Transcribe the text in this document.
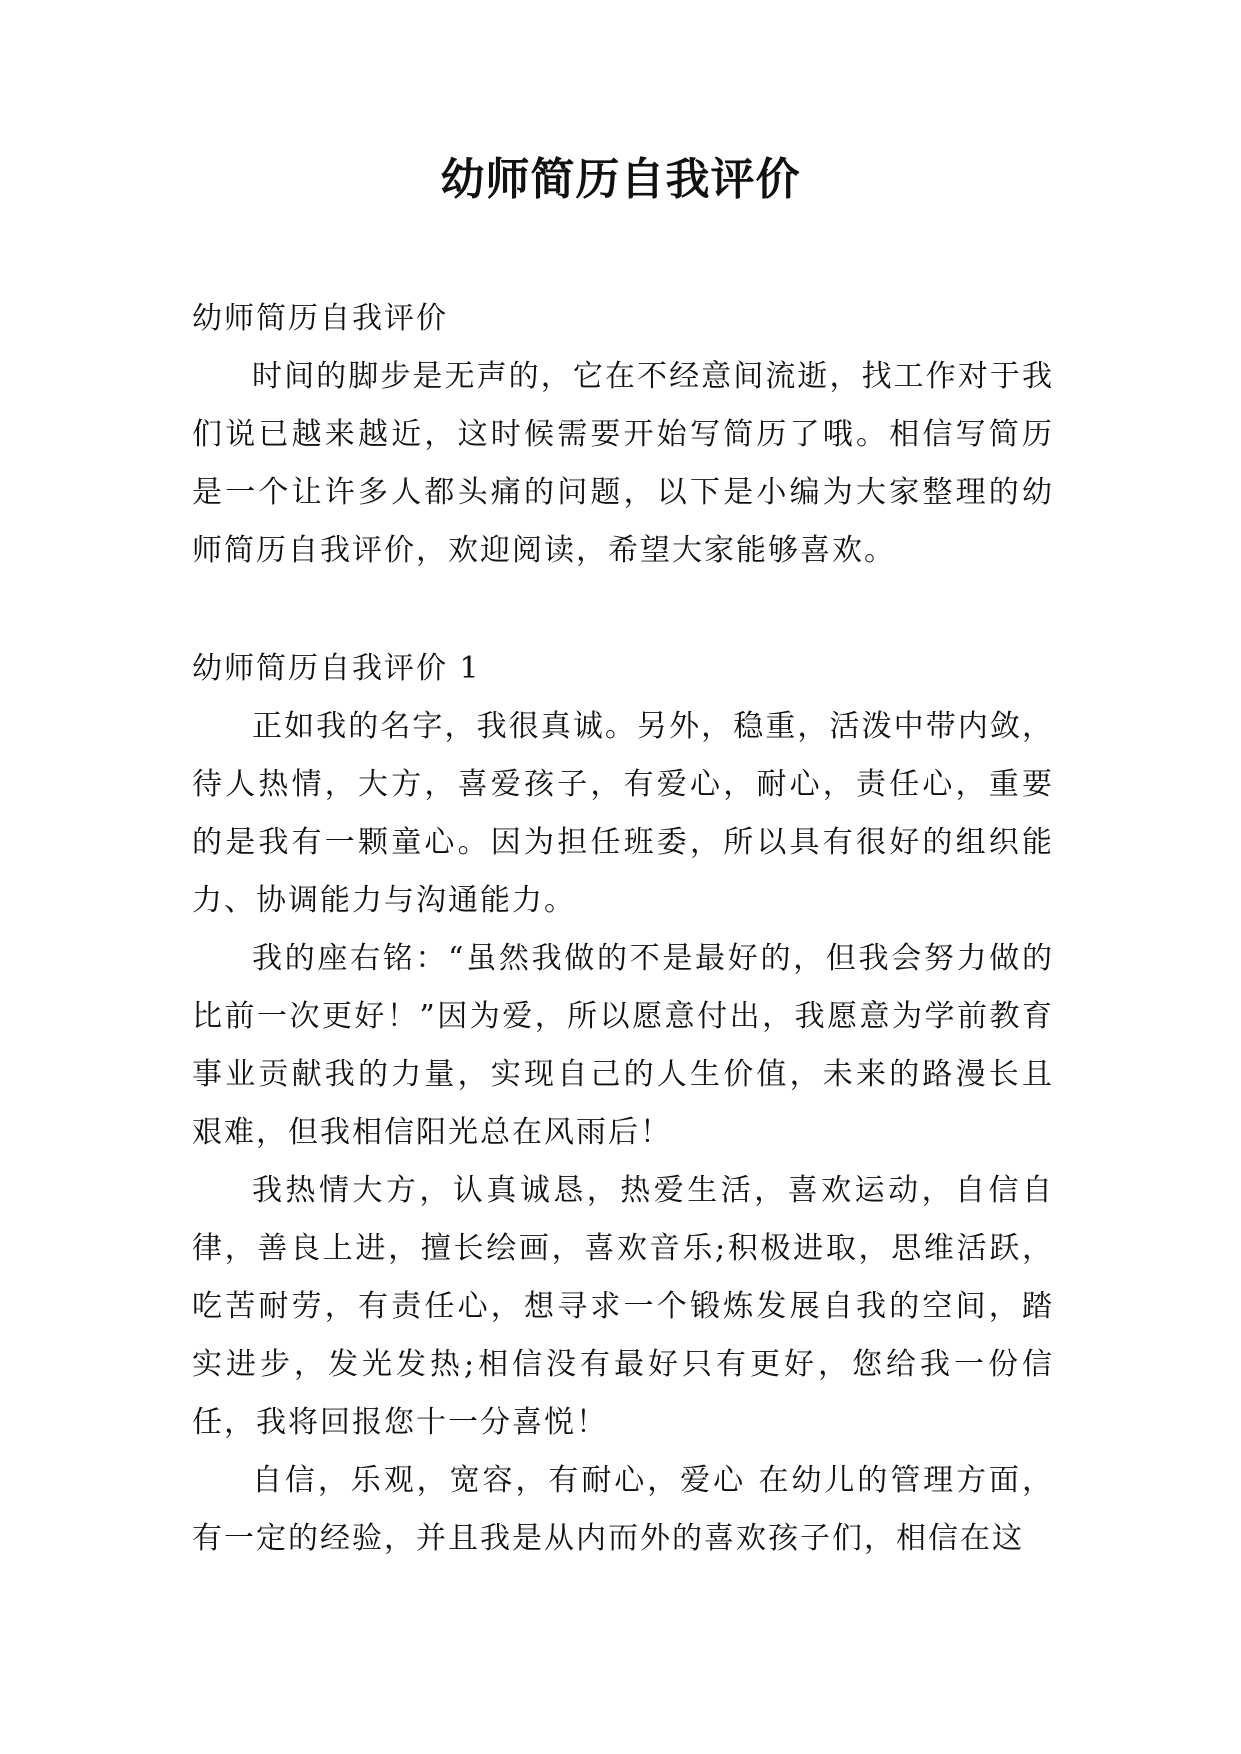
幼师简历自我评价

幼师简历自我评价

时间的脚步是无声的，它在不经意间流逝，找工作对于我们说已越来越近，这时候需要开始写简历了哦。相信写简历是一个让许多人都头痛的问题，以下是小编为大家整理的幼师简历自我评价，欢迎阅读，希望大家能够喜欢。

幼师简历自我评价 1

正如我的名字，我很真诚。另外，稳重，活泼中带内敛，待人热情，大方，喜爱孩子，有爱心，耐心，责任心，重要的是我有一颗童心。因为担任班委，所以具有很好的组织能力、协调能力与沟通能力。

我的座右铭：“虽然我做的不是最好的，但我会努力做的比前一次更好！”因为爱，所以愿意付出，我愿意为学前教育事业贡献我的力量，实现自己的人生价值，未来的路漫长且艰难，但我相信阳光总在风雨后！

我热情大方，认真诚恳，热爱生活，喜欢运动，自信自律，善良上进，擅长绘画，喜欢音乐;积极进取，思维活跃，吃苦耐劳，有责任心，想寻求一个锻炼发展自我的空间，踏实进步，发光发热;相信没有最好只有更好，您给我一份信任，我将回报您十一分喜悦！

自信，乐观，宽容，有耐心，爱心 在幼儿的管理方面，有一定的经验，并且我是从内而外的喜欢孩子们，相信在这
